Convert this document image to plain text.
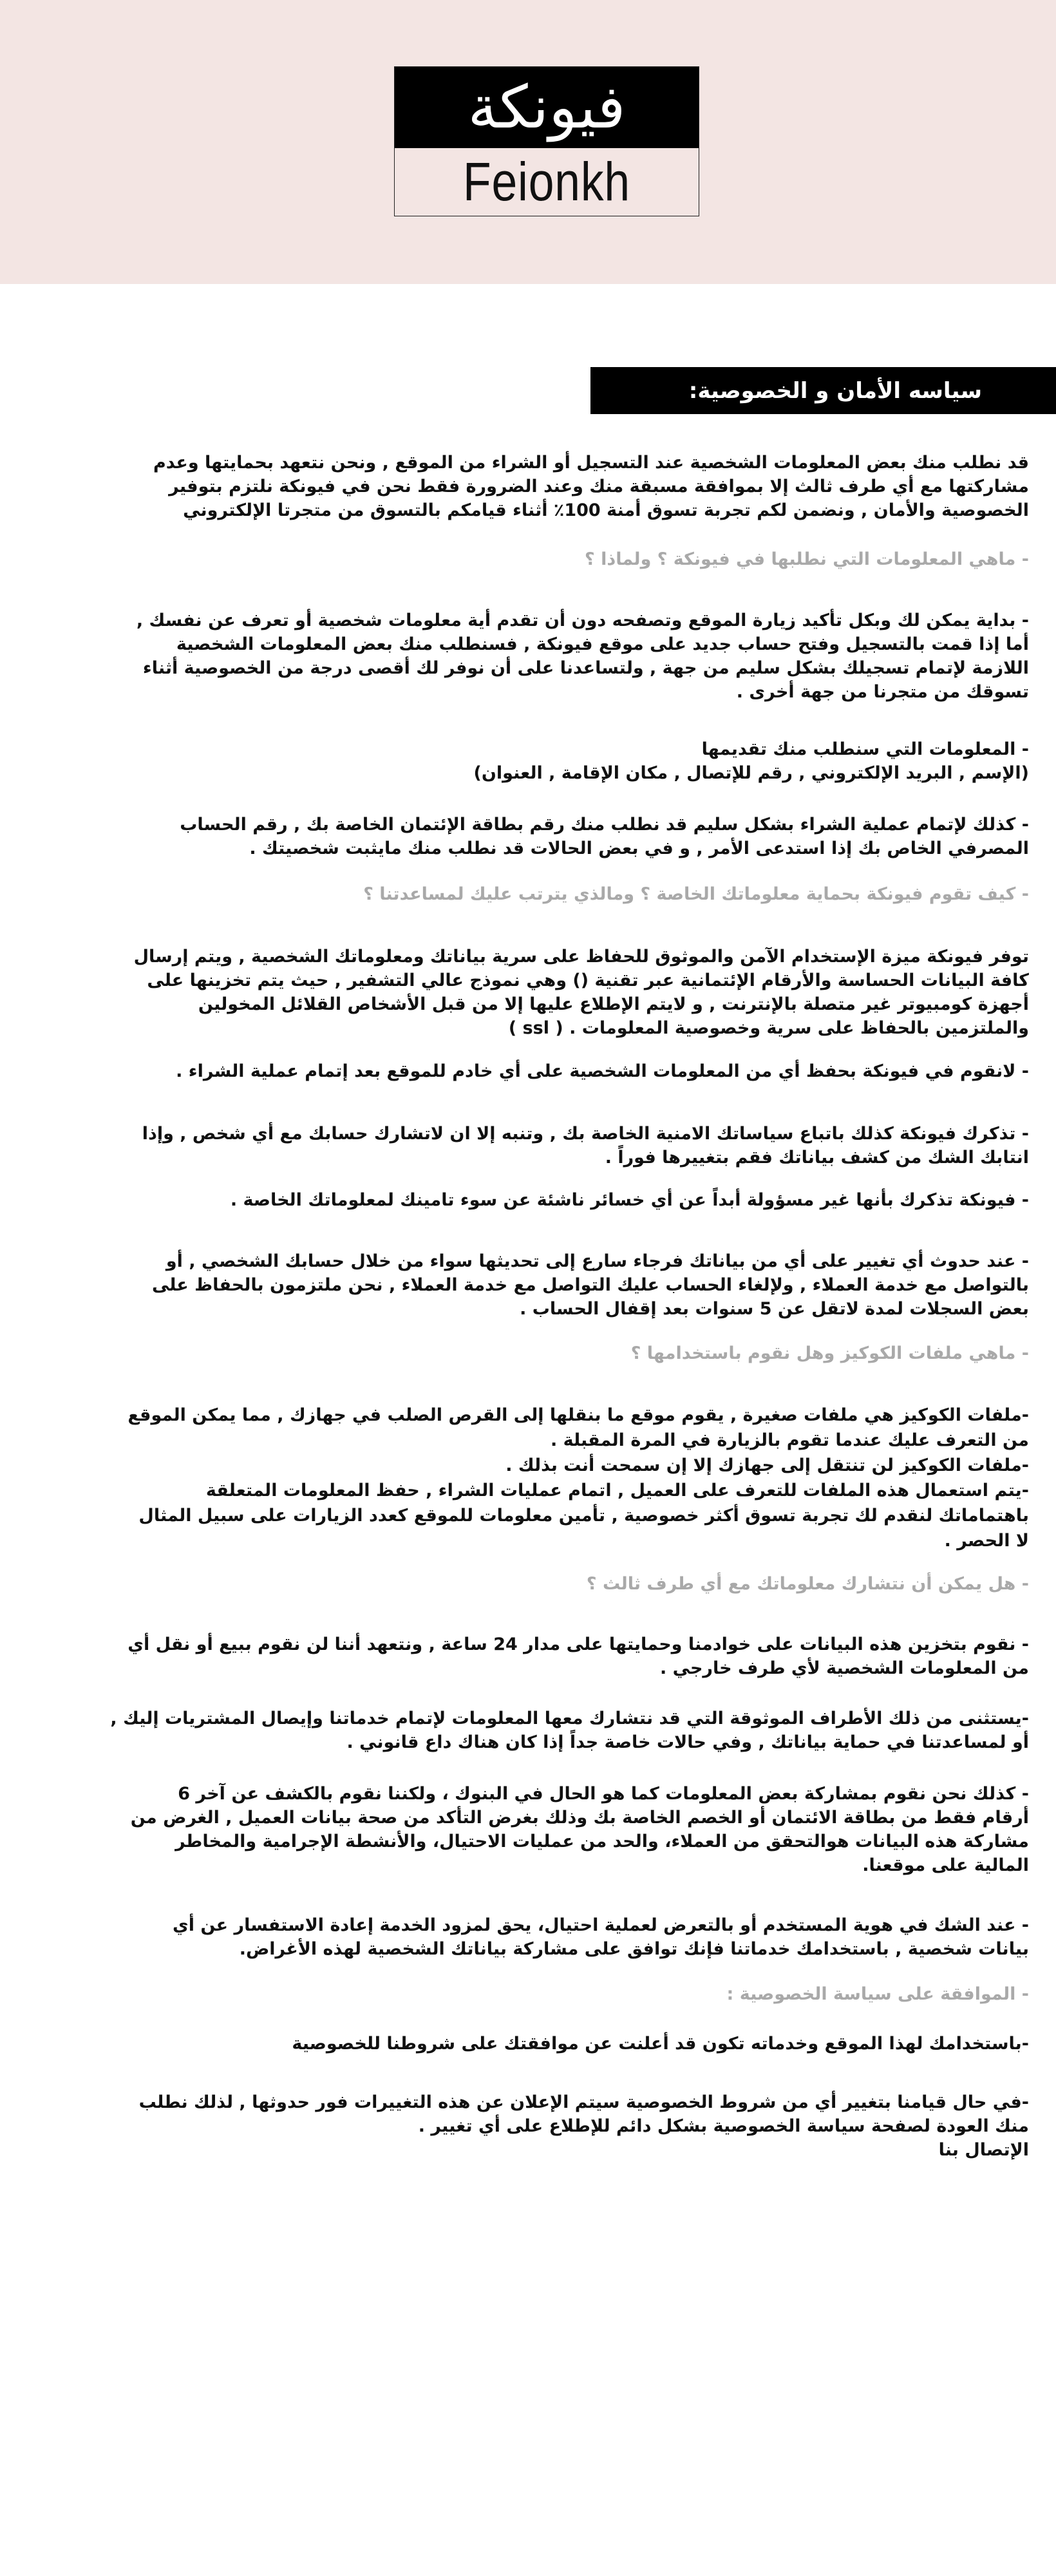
فيونكة
Feionkh
سياسه الأمان و الخصوصية:
قد نطلب منك بعض المعلومات الشخصية عند التسجيل أو الشراء من الموقع , ونحن نتعهد بحمايتها وعدم
مشاركتها مع أي طرف ثالث إلا بموافقة مسبقة منك وعند الضرورة فقط نحن في فيونكة نلتزم بتوفير
الخصوصية والأمان , ونضمن لكم تجربة تسوق أمنة 100٪ أثناء قيامكم بالتسوق من متجرتا الإلكتروني
- ماهي المعلومات التي نطلبها في فيونكة ؟ ولماذا ؟
- بداية يمكن لك وبكل تأكيد زيارة الموقع وتصفحه دون أن تقدم أية معلومات شخصية أو تعرف عن نفسك ,
أما إذا قمت بالتسجيل وفتح حساب جديد على موقع فيونكة , فسنطلب منك بعض المعلومات الشخصية
اللازمة لإتمام تسجيلك بشكل سليم من جهة , ولتساعدنا على أن نوفر لك أقصى درجة من الخصوصية أثناء
تسوقك من متجرنا من جهة أخرى .
- المعلومات التي سنطلب منك تقديمها
(الإسم , البريد الإلكتروني , رقم للإتصال , مكان الإقامة , العنوان)
- كذلك لإتمام عملية الشراء بشكل سليم قد نطلب منك رقم بطاقة الإئتمان الخاصة بك , رقم الحساب
المصرفي الخاص بك إذا استدعى الأمر , و في بعض الحالات قد نطلب منك مايثبت شخصيتك .
- كيف تقوم فيونكة بحماية معلوماتك الخاصة ؟ ومالذي يترتب عليك لمساعدتنا ؟
توفر فيونكة ميزة الإستخدام الآمن والموثوق للحفاظ على سرية بياناتك ومعلوماتك الشخصية , ويتم إرسال
كافة البيانات الحساسة والأرقام الإئتمانية عبر تقنية () وهي نموذج عالي التشفير , حيث يتم تخزينها على
أجهزة كومبيوتر غير متصلة بالإنترنت , و لايتم الإطلاع عليها إلا من قبل الأشخاص القلائل المخولين
والملتزمين بالحفاظ على سرية وخصوصية المعلومات . ( ssl )
- لانقوم في فيونكة بحفظ أي من المعلومات الشخصية على أي خادم للموقع بعد إتمام عملية الشراء .
- تذكرك فيونكة كذلك باتباع سياساتك الامنية الخاصة بك , وتنبه إلا ان لاتشارك حسابك مع أي شخص , وإذا
انتابك الشك من كشف بياناتك فقم بتغييرها فوراً .
- فيونكة تذكرك بأنها غير مسؤولة أبداً عن أي خسائر ناشئة عن سوء تامينك لمعلوماتك الخاصة .
- عند حدوث أي تغيير على أي من بياناتك فرجاء سارع إلى تحديثها سواء من خلال حسابك الشخصي , أو
بالتواصل مع خدمة العملاء , ولإلغاء الحساب عليك التواصل مع خدمة العملاء , نحن ملتزمون بالحفاظ على
بعض السجلات لمدة لاتقل عن 5 سنوات بعد إقفال الحساب .
- ماهي ملفات الكوكيز وهل نقوم باستخدامها ؟
-ملفات الكوكيز هي ملفات صغيرة , يقوم موقع ما بنقلها إلى القرص الصلب في جهازك , مما يمكن الموقع
من التعرف عليك عندما تقوم بالزيارة في المرة المقبلة .
-ملفات الكوكيز لن تنتقل إلى جهازك إلا إن سمحت أنت بذلك .
-يتم استعمال هذه الملفات للتعرف على العميل , اتمام عمليات الشراء , حفظ المعلومات المتعلقة
باهتماماتك لنقدم لك تجربة تسوق أكثر خصوصية , تأمين معلومات للموقع كعدد الزيارات على سبيل المثال
لا الحصر .
- هل يمكن أن نتشارك معلوماتك مع أي طرف ثالث ؟
- نقوم بتخزين هذه البيانات على خوادمنا وحمايتها على مدار 24 ساعة , ونتعهد أننا لن نقوم ببيع أو نقل أي
من المعلومات الشخصية لأي طرف خارجي .
-يستثنى من ذلك الأطراف الموثوقة التي قد نتشارك معها المعلومات لإتمام خدماتنا وإيصال المشتريات إليك ,
أو لمساعدتنا في حماية بياناتك , وفي حالات خاصة جداً إذا كان هناك داع قانوني .
- كذلك نحن نقوم بمشاركة بعض المعلومات كما هو الحال في البنوك ، ولكننا نقوم بالكشف عن آخر 6
أرقام فقط من بطاقة الائتمان أو الخصم الخاصة بك وذلك بغرض التأكد من صحة بيانات العميل , الغرض من
مشاركة هذه البيانات هوالتحقق من العملاء، والحد من عمليات الاحتيال، والأنشطة الإجرامية والمخاطر
المالية على موقعنا.
- عند الشك في هوية المستخدم أو بالتعرض لعملية احتيال، يحق لمزود الخدمة إعادة الاستفسار عن أي
بيانات شخصية , باستخدامك خدماتنا فإنك توافق على مشاركة بياناتك الشخصية لهذه الأغراض.
- الموافقة على سياسة الخصوصية :
-باستخدامك لهذا الموقع وخدماته تكون قد أعلنت عن موافقتك على شروطنا للخصوصية
-في حال قيامنا بتغيير أي من شروط الخصوصية سيتم الإعلان عن هذه التغييرات فور حدوثها , لذلك نطلب
منك العودة لصفحة سياسة الخصوصية بشكل دائم للإطلاع على أي تغيير .
الإتصال بنا
